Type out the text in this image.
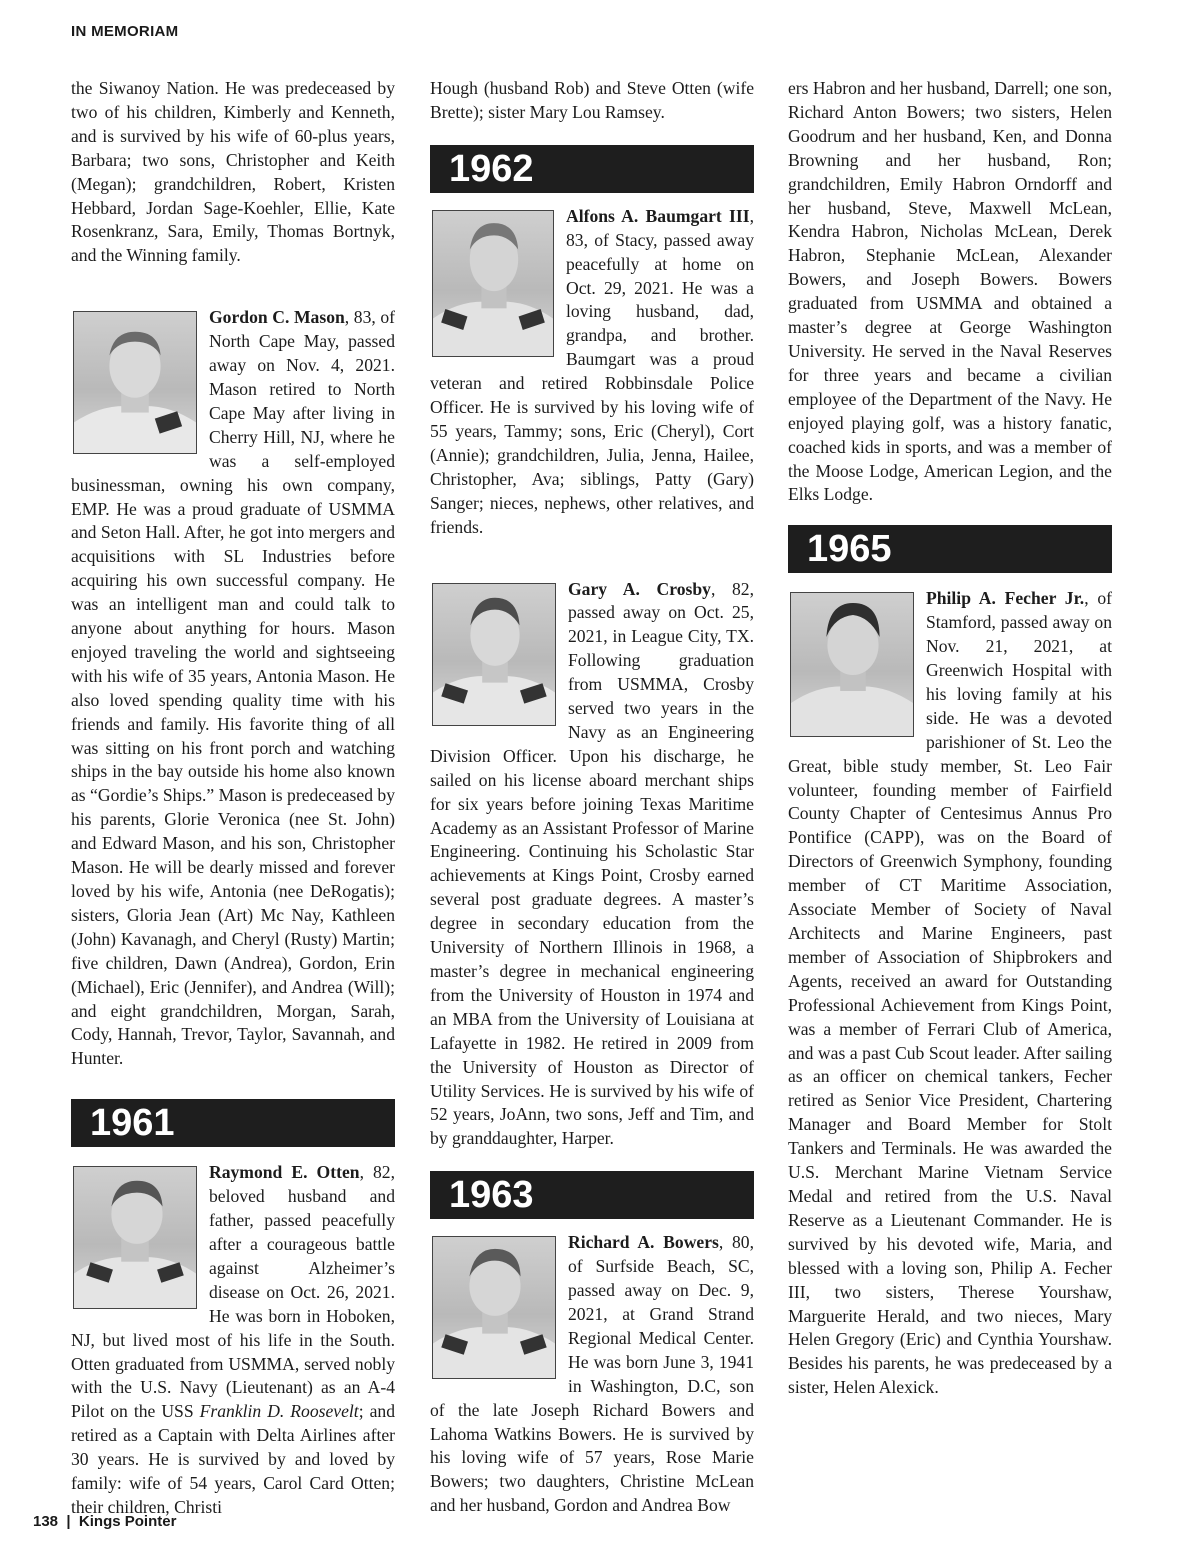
IN MEMORIAM

the Siwanoy Nation. He was predeceased by two of his children, Kimberly and Kenneth, and is survived by his wife of 60-plus years, Barbara; two sons, Christopher and Keith (Megan); grandchildren, Robert, Kristen Hebbard, Jordan Sage-Koehler, Ellie, Kate Rosenkranz, Sara, Emily, Thomas Bortnyk, and the Winning family.

Gordon C. Mason, 83, of North Cape May, passed away on Nov. 4, 2021. Mason retired to North Cape May after living in Cherry Hill, NJ, where he was a self-employed businessman, owning his own company, EMP. He was a proud graduate of USMMA and Seton Hall. After, he got into mergers and acquisitions with SL Industries before acquiring his own successful company. He was an intelligent man and could talk to anyone about anything for hours. Mason enjoyed traveling the world and sightseeing with his wife of 35 years, Antonia Mason. He also loved spending quality time with his friends and family. His favorite thing of all was sitting on his front porch and watching ships in the bay outside his home also known as “Gordie’s Ships.” Mason is predeceased by his parents, Glorie Veronica (nee St. John) and Edward Mason, and his son, Christopher Mason. He will be dearly missed and forever loved by his wife, Antonia (nee DeRogatis); sisters, Gloria Jean (Art) Mc Nay, Kathleen (John) Kavanagh, and Cheryl (Rusty) Martin; five children, Dawn (Andrea), Gordon, Erin (Michael), Eric (Jennifer), and Andrea (Will); and eight grandchildren, Morgan, Sarah, Cody, Hannah, Trevor, Taylor, Savannah, and Hunter.

1961

Raymond E. Otten, 82, beloved husband and father, passed peacefully after a courageous battle against Alzheimer’s disease on Oct. 26, 2021. He was born in Hoboken, NJ, but lived most of his life in the South. Otten graduated from USMMA, served nobly with the U.S. Navy (Lieutenant) as an A-4 Pilot on the USS Franklin D. Roosevelt; and retired as a Captain with Delta Airlines after 30 years. He is survived by and loved by family: wife of 54 years, Carol Card Otten; their children, Christi

Hough (husband Rob) and Steve Otten (wife Brette); sister Mary Lou Ramsey.

1962

Alfons A. Baumgart III, 83, of Stacy, passed away peacefully at home on Oct. 29, 2021. He was a loving husband, dad, grandpa, and brother. Baumgart was a proud veteran and retired Robbinsdale Police Officer. He is survived by his loving wife of 55 years, Tammy; sons, Eric (Cheryl), Cort (Annie); grandchildren, Julia, Jenna, Hailee, Christopher, Ava; siblings, Patty (Gary) Sanger; nieces, nephews, other relatives, and friends.

Gary A. Crosby, 82, passed away on Oct. 25, 2021, in League City, TX. Following graduation from USMMA, Crosby served two years in the Navy as an Engineering Division Officer. Upon his discharge, he sailed on his license aboard merchant ships for six years before joining Texas Maritime Academy as an Assistant Professor of Marine Engineering. Continuing his Scholastic Star achievements at Kings Point, Crosby earned several post graduate degrees. A master’s degree in secondary education from the University of Northern Illinois in 1968, a master’s degree in mechanical engineering from the University of Houston in 1974 and an MBA from the University of Louisiana at Lafayette in 1982. He retired in 2009 from the University of Houston as Director of Utility Services. He is survived by his wife of 52 years, JoAnn, two sons, Jeff and Tim, and by granddaughter, Harper.

1963

Richard A. Bowers, 80, of Surfside Beach, SC, passed away on Dec. 9, 2021, at Grand Strand Regional Medical Center. He was born June 3, 1941 in Washington, D.C, son of the late Joseph Richard Bowers and Lahoma Watkins Bowers. He is survived by his loving wife of 57 years, Rose Marie Bowers; two daughters, Christine McLean and her husband, Gordon and Andrea Bow

ers Habron and her husband, Darrell; one son, Richard Anton Bowers; two sisters, Helen Goodrum and her husband, Ken, and Donna Browning and her husband, Ron; grandchildren, Emily Habron Orndorff and her husband, Steve, Maxwell McLean, Kendra Habron, Nicholas McLean, Derek Habron, Stephanie McLean, Alexander Bowers, and Joseph Bowers. Bowers graduated from USMMA and obtained a master’s degree at George Washington University. He served in the Naval Reserves for three years and became a civilian employee of the Department of the Navy. He enjoyed playing golf, was a history fanatic, coached kids in sports, and was a member of the Moose Lodge, American Legion, and the Elks Lodge.

1965

Philip A. Fecher Jr., of Stamford, passed away on Nov. 21, 2021, at Greenwich Hospital with his loving family at his side. He was a devoted parishioner of St. Leo the Great, bible study member, St. Leo Fair volunteer, founding member of Fairfield County Chapter of Centesimus Annus Pro Pontifice (CAPP), was on the Board of Directors of Greenwich Symphony, founding member of CT Maritime Association, Associate Member of Society of Naval Architects and Marine Engineers, past member of Association of Shipbrokers and Agents, received an award for Outstanding Professional Achievement from Kings Point, was a member of Ferrari Club of America, and was a past Cub Scout leader. After sailing as an officer on chemical tankers, Fecher retired as Senior Vice President, Chartering Manager and Board Member for Stolt Tankers and Terminals. He was awarded the U.S. Merchant Marine Vietnam Service Medal and retired from the U.S. Naval Reserve as a Lieutenant Commander. He is survived by his devoted wife, Maria, and blessed with a loving son, Philip A. Fecher III, two sisters, Therese Yourshaw, Marguerite Herald, and two nieces, Mary Helen Gregory (Eric) and Cynthia Yourshaw. Besides his parents, he was predeceased by a sister, Helen Alexick.

138 | Kings Pointer
